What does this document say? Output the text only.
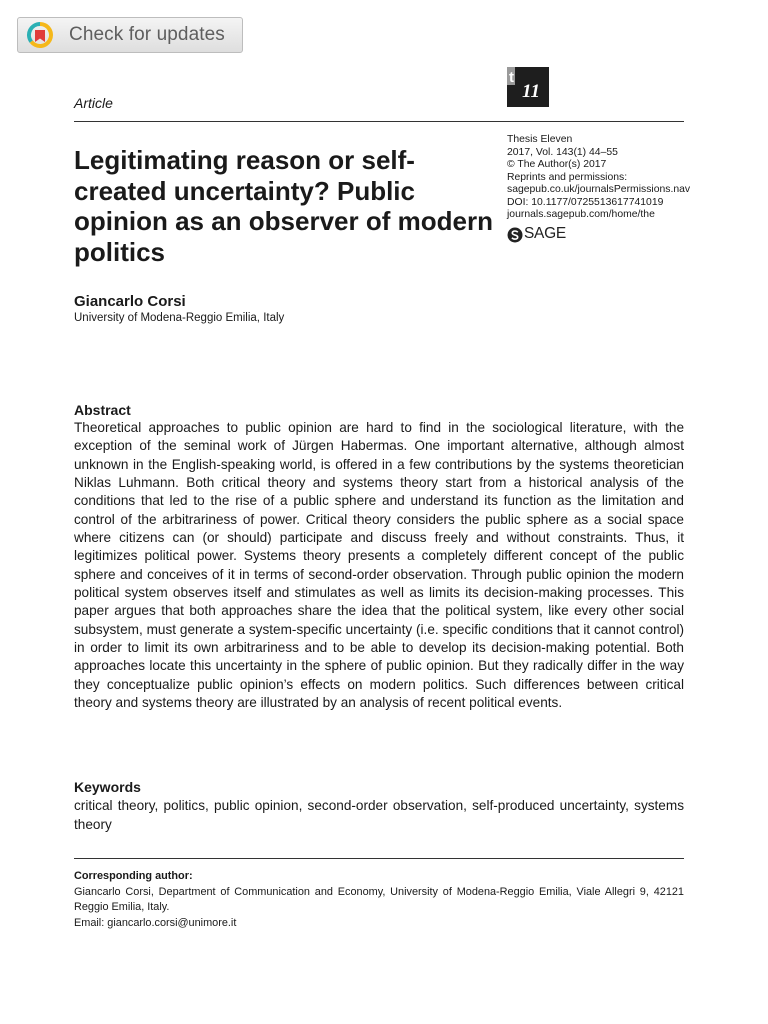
Check for updates
Article
t
11
Legitimating reason or self-created uncertainty? Public opinion as an observer of modern politics
Thesis Eleven
2017, Vol. 143(1) 44–55
© The Author(s) 2017
Reprints and permissions:
sagepub.co.uk/journalsPermissions.nav
DOI: 10.1177/0725513617741019
journals.sagepub.com/home/the
SAGE
Giancarlo Corsi
University of Modena-Reggio Emilia, Italy
Abstract

Theoretical approaches to public opinion are hard to find in the sociological literature, with the exception of the seminal work of Jürgen Habermas. One important alternative, although almost unknown in the English-speaking world, is offered in a few contributions by the systems theoretician Niklas Luhmann. Both critical theory and systems theory start from a historical analysis of the conditions that led to the rise of a public sphere and understand its function as the limitation and control of the arbitrariness of power. Critical theory considers the public sphere as a social space where citizens can (or should) participate and discuss freely and without constraints. Thus, it legitimizes political power. Systems theory presents a completely different concept of the public sphere and conceives of it in terms of second-order observation. Through public opinion the modern political system observes itself and stimulates as well as limits its decision-making processes. This paper argues that both approaches share the idea that the political system, like every other social subsystem, must generate a system-specific uncertainty (i.e. specific conditions that it cannot control) in order to limit its own arbitrariness and to be able to develop its decision-making potential. Both approaches locate this uncertainty in the sphere of public opinion. But they radically differ in the way they conceptualize public opinion’s effects on modern politics. Such differences between critical theory and systems theory are illustrated by an analysis of recent political events.

Keywords

critical theory, politics, public opinion, second-order observation, self-produced uncertainty, systems theory

Corresponding author:
Giancarlo Corsi, Department of Communication and Economy, University of Modena-Reggio Emilia, Viale Allegri 9, 42121 Reggio Emilia, Italy.
Email: giancarlo.corsi@unimore.it
